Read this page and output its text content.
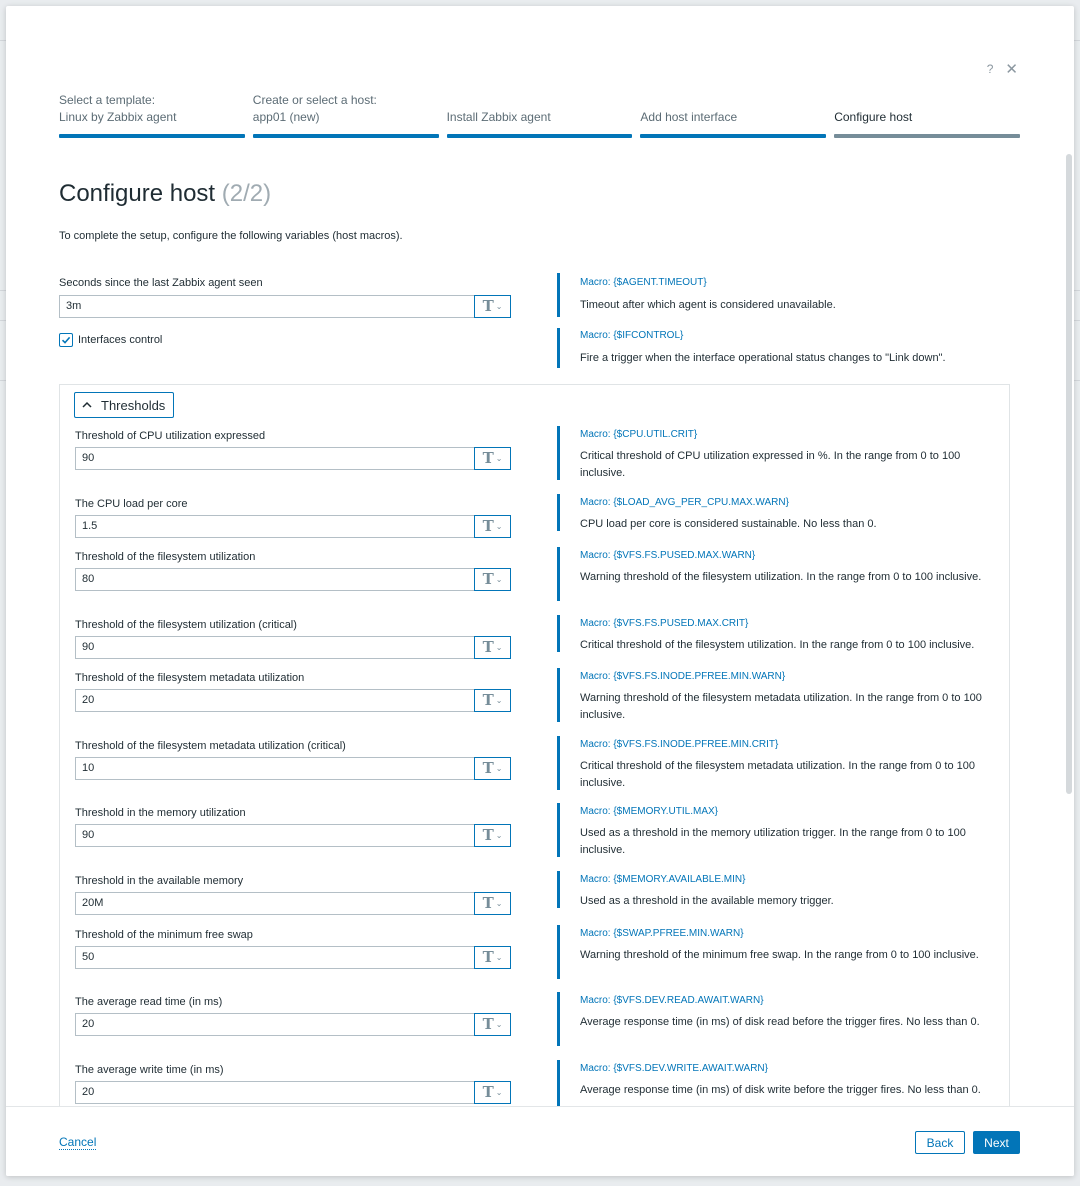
? ✕
Select a template:
Linux by Zabbix agent
Create or select a host:
app01 (new)	Install Zabbix agent	Add host interface	Configure host
Configure host (2/2)
To complete the setup, configure the following variables (host macros).
Seconds since the last Zabbix agent seen
3m	T ⌄
Macro: {$AGENT.TIMEOUT}
Timeout after which agent is considered unavailable.
Interfaces control	Macro: {$IFCONTROL}
Fire a trigger when the interface operational status changes to "Link down".
Thresholds
Threshold of CPU utilization expressed
90	T ⌄
Macro: {$CPU.UTIL.CRIT}
Critical threshold of CPU utilization expressed in %. In the range from 0 to 100 inclusive.
The CPU load per core
1.5	T ⌄
Macro: {$LOAD_AVG_PER_CPU.MAX.WARN}
CPU load per core is considered sustainable. No less than 0.
Threshold of the filesystem utilization
80	T ⌄
Macro: {$VFS.FS.PUSED.MAX.WARN}
Warning threshold of the filesystem utilization. In the range from 0 to 100 inclusive.
Threshold of the filesystem utilization (critical)
90	T ⌄
Macro: {$VFS.FS.PUSED.MAX.CRIT}
Critical threshold of the filesystem utilization. In the range from 0 to 100 inclusive.
Threshold of the filesystem metadata utilization
20	T ⌄
Macro: {$VFS.FS.INODE.PFREE.MIN.WARN}
Warning threshold of the filesystem metadata utilization. In the range from 0 to 100 inclusive.
Threshold of the filesystem metadata utilization (critical)
10	T ⌄
Macro: {$VFS.FS.INODE.PFREE.MIN.CRIT}
Critical threshold of the filesystem metadata utilization. In the range from 0 to 100 inclusive.
Threshold in the memory utilization
90	T ⌄
Macro: {$MEMORY.UTIL.MAX}
Used as a threshold in the memory utilization trigger. In the range from 0 to 100 inclusive.
Threshold in the available memory
20M	T ⌄
Macro: {$MEMORY.AVAILABLE.MIN}
Used as a threshold in the available memory trigger.
Threshold of the minimum free swap
50	T ⌄
Macro: {$SWAP.PFREE.MIN.WARN}
Warning threshold of the minimum free swap. In the range from 0 to 100 inclusive.
The average read time (in ms)
20	T ⌄
Macro: {$VFS.DEV.READ.AWAIT.WARN}
Average response time (in ms) of disk read before the trigger fires. No less than 0.
The average write time (in ms)
20	T ⌄
Macro: {$VFS.DEV.WRITE.AWAIT.WARN}
Average response time (in ms) of disk write before the trigger fires. No less than 0.
Cancel	Back	Next
